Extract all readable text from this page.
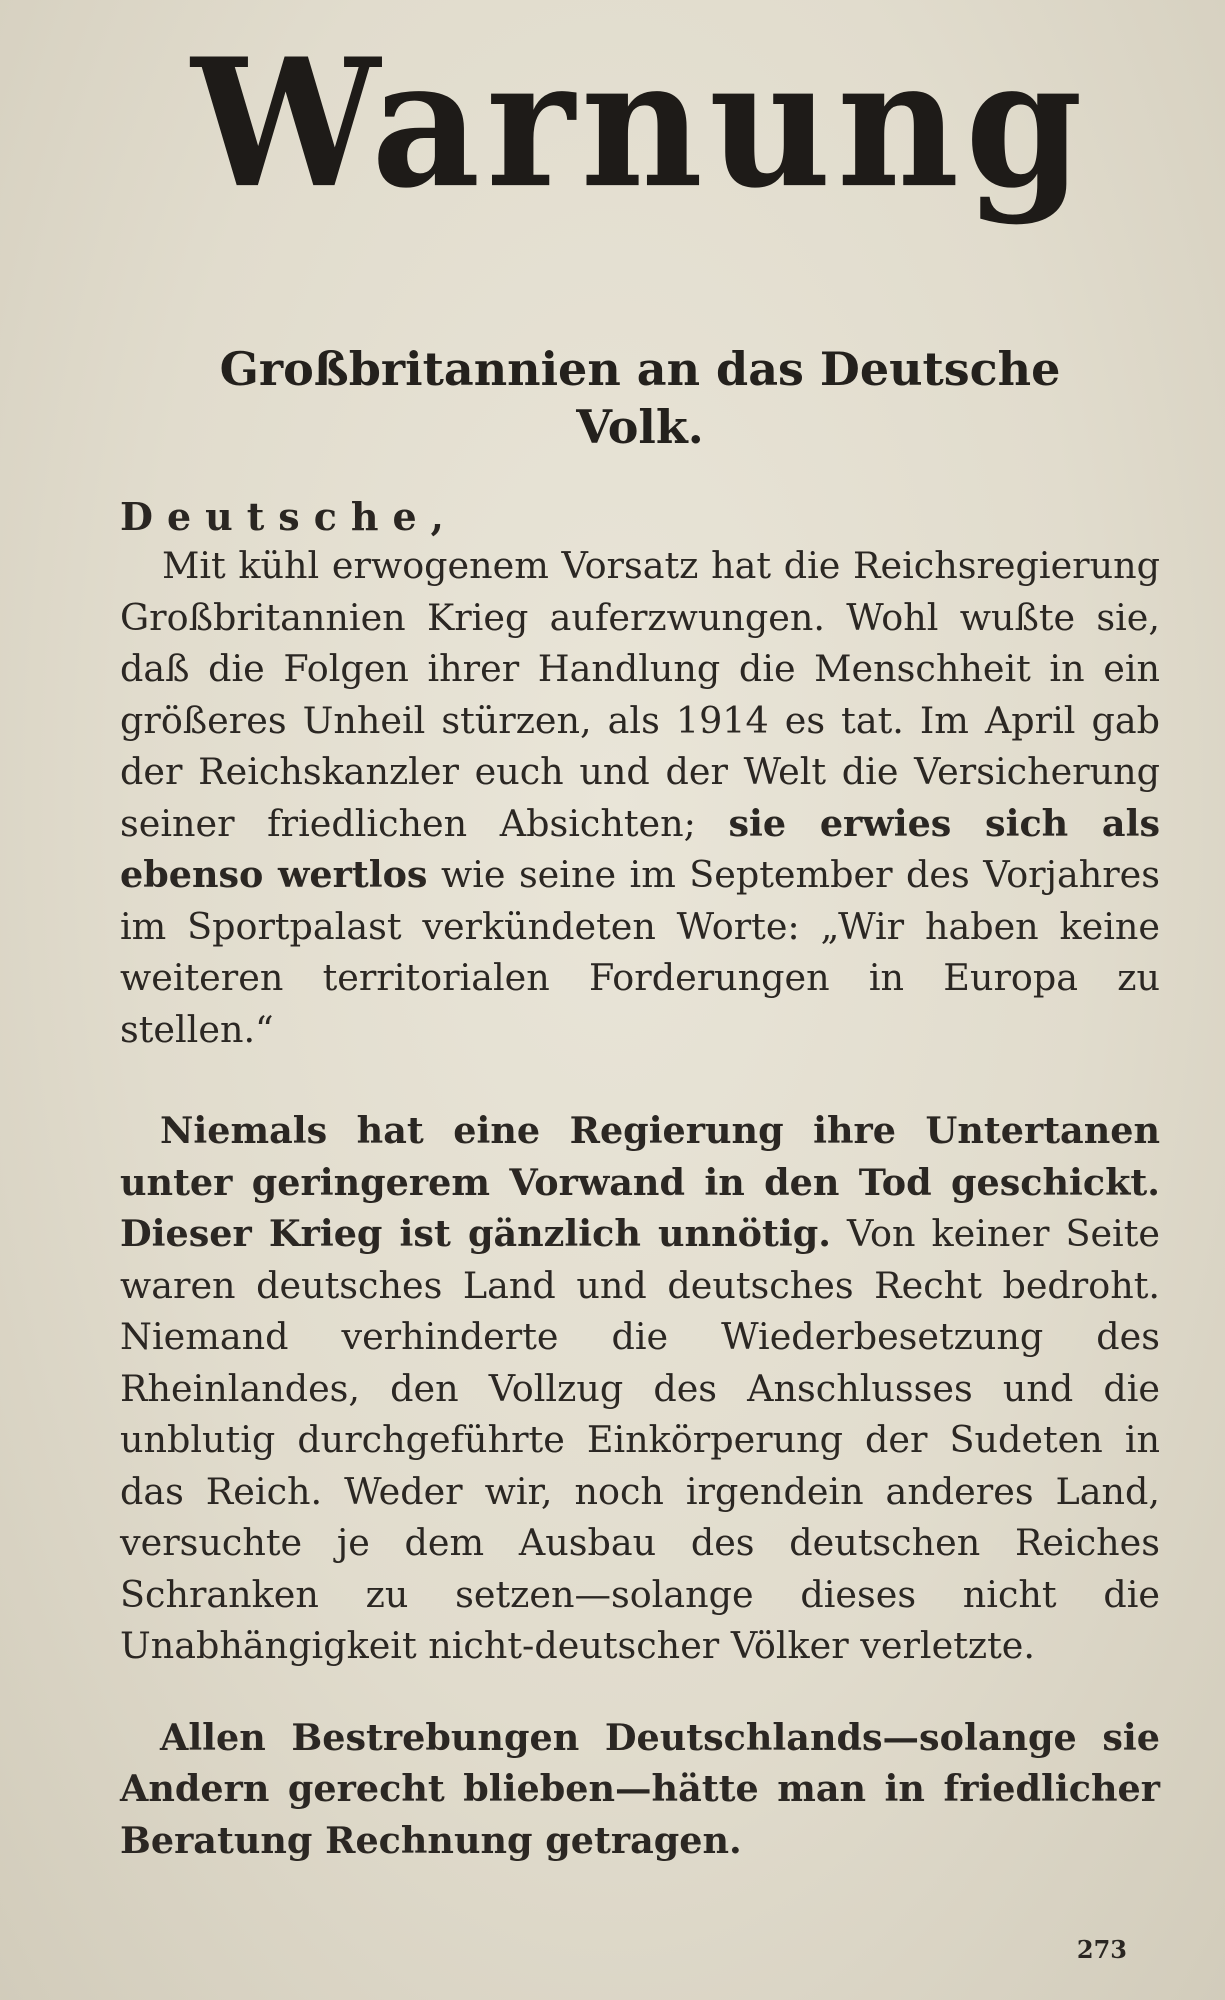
Warnung
Großbritannien an das Deutsche Volk.
Deutsche,

Mit kühl erwogenem Vorsatz hat die Reichsregierung Großbritannien Krieg auferzwungen. Wohl wußte sie, daß die Folgen ihrer Handlung die Menschheit in ein größeres Unheil stürzen, als 1914 es tat. Im April gab der Reichskanzler euch und der Welt die Versicherung seiner friedlichen Absichten; sie erwies sich als ebenso wertlos wie seine im September des Vorjahres im Sportpalast verkündeten Worte: „Wir haben keine weiteren territorialen Forderungen in Europa zu stellen.“

Niemals hat eine Regierung ihre Untertanen unter geringerem Vorwand in den Tod geschickt. Dieser Krieg ist gänzlich unnötig. Von keiner Seite waren deutsches Land und deutsches Recht bedroht. Niemand verhinderte die Wiederbesetzung des Rheinlandes, den Vollzug des Anschlusses und die unblutig durchgeführte Einkörperung der Sudeten in das Reich. Weder wir, noch irgendein anderes Land, versuchte je dem Ausbau des deutschen Reiches Schranken zu setzen—solange dieses nicht die Unabhängigkeit nicht-deutscher Völker verletzte.

Allen Bestrebungen Deutschlands—solange sie Andern gerecht blieben—hätte man in friedlicher Beratung Rechnung getragen.

273
